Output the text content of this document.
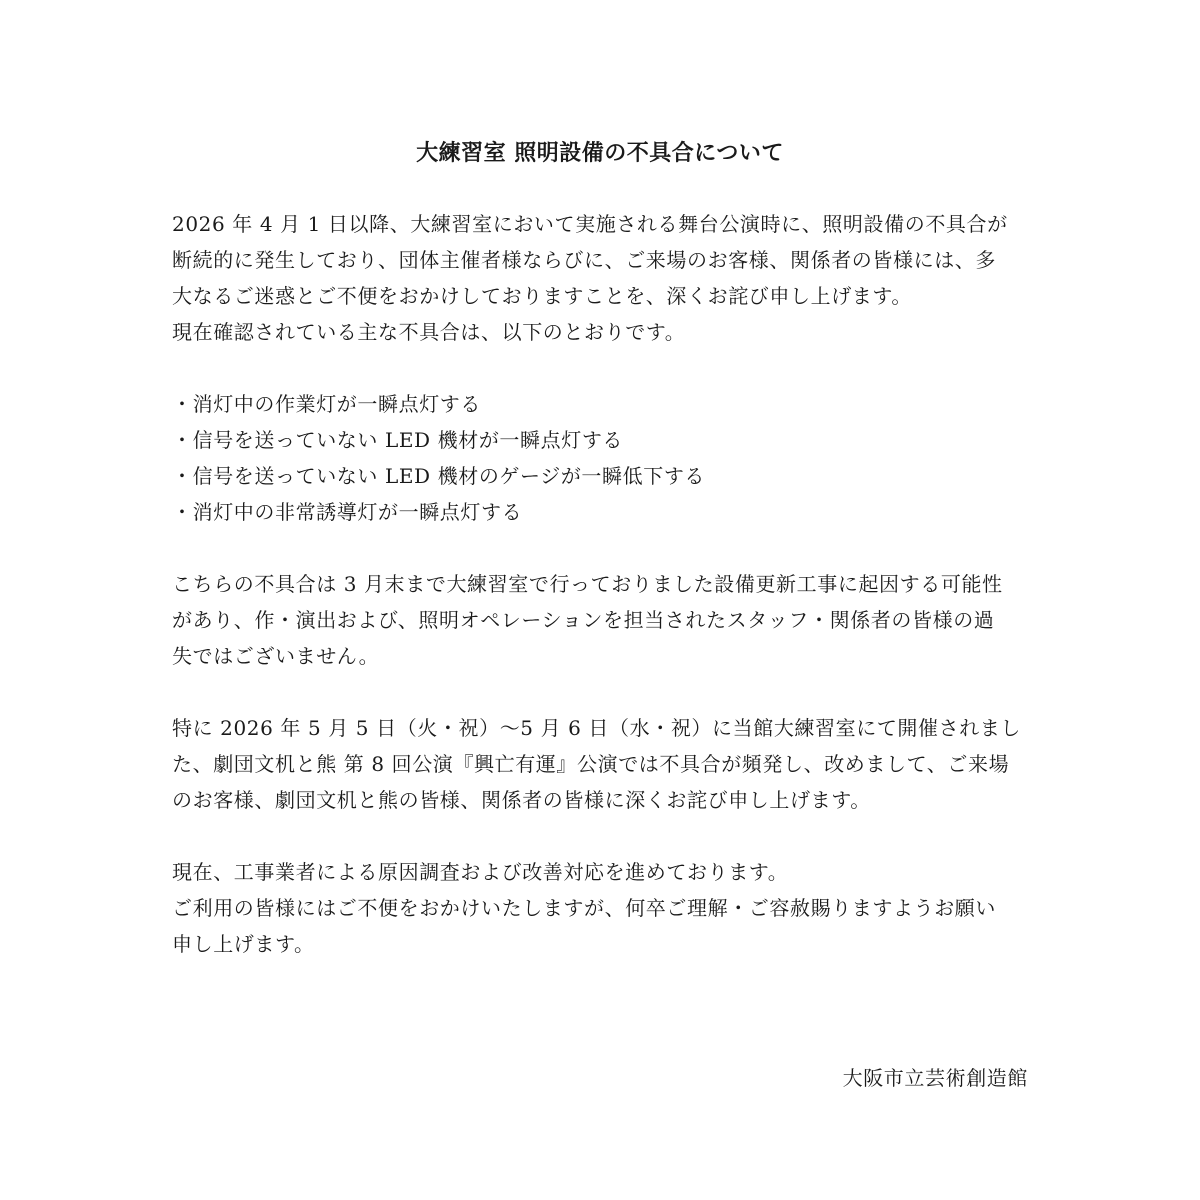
大練習室 照明設備の不具合について
2026 年 4 月 1 日以降、大練習室において実施される舞台公演時に、照明設備の不具合が
断続的に発生しており、団体主催者様ならびに、ご来場のお客様、関係者の皆様には、多
大なるご迷惑とご不便をおかけしておりますことを、深くお詫び申し上げます。
現在確認されている主な不具合は、以下のとおりです。
・消灯中の作業灯が一瞬点灯する
・信号を送っていない LED 機材が一瞬点灯する
・信号を送っていない LED 機材のゲージが一瞬低下する
・消灯中の非常誘導灯が一瞬点灯する
こちらの不具合は 3 月末まで大練習室で行っておりました設備更新工事に起因する可能性
があり、作・演出および、照明オペレーションを担当されたスタッフ・関係者の皆様の過
失ではございません。
特に 2026 年 5 月 5 日（火・祝）～5 月 6 日（水・祝）に当館大練習室にて開催されまし
た、劇団文机と熊 第 8 回公演『興亡有運』公演では不具合が頻発し、改めまして、ご来場
のお客様、劇団文机と熊の皆様、関係者の皆様に深くお詫び申し上げます。
現在、工事業者による原因調査および改善対応を進めております。
ご利用の皆様にはご不便をおかけいたしますが、何卒ご理解・ご容赦賜りますようお願い
申し上げます。
大阪市立芸術創造館
